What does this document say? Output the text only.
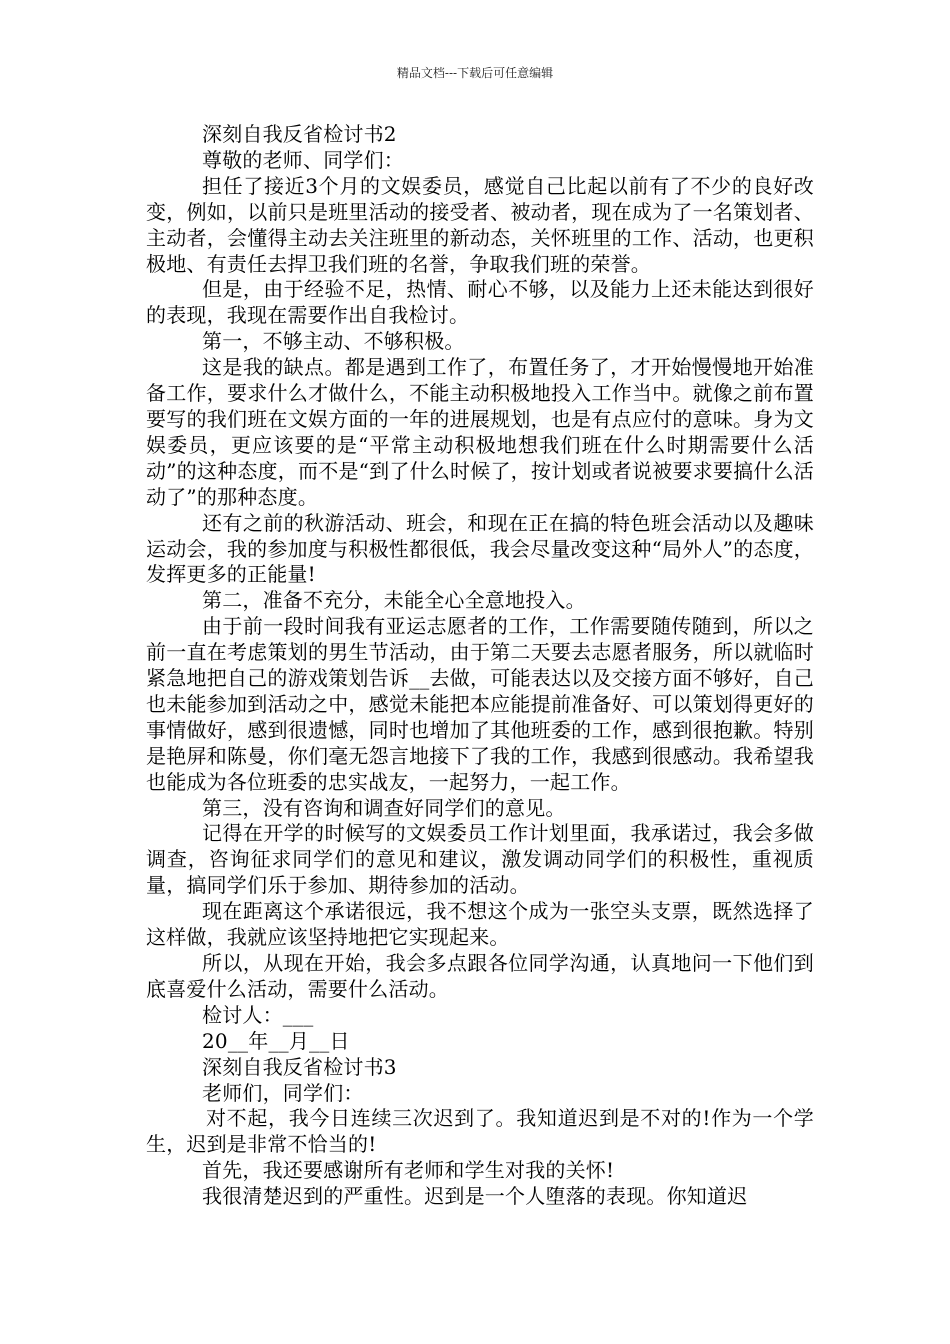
精品文档---下载后可任意编辑

深刻自我反省检讨书2

尊敬的老师、同学们：

担任了接近3个月的文娱委员，感觉自己比起以前有了不少的良好改变，例如，以前只是班里活动的接受者、被动者，现在成为了一名策划者、主动者，会懂得主动去关注班里的新动态，关怀班里的工作、活动，也更积极地、有责任去捍卫我们班的名誉，争取我们班的荣誉。

但是，由于经验不足，热情、耐心不够，以及能力上还未能达到很好的表现，我现在需要作出自我检讨。

第一，不够主动、不够积极。

这是我的缺点。都是遇到工作了，布置任务了，才开始慢慢地开始准备工作，要求什么才做什么，不能主动积极地投入工作当中。就像之前布置要写的我们班在文娱方面的一年的进展规划，也是有点应付的意味。身为文娱委员，更应该要的是“平常主动积极地想我们班在什么时期需要什么活动”的这种态度，而不是“到了什么时候了，按计划或者说被要求要搞什么活动了”的那种态度。

还有之前的秋游活动、班会，和现在正在搞的特色班会活动以及趣味运动会，我的参加度与积极性都很低，我会尽量改变这种“局外人”的态度，发挥更多的正能量!

第二，准备不充分，未能全心全意地投入。

由于前一段时间我有亚运志愿者的工作，工作需要随传随到，所以之前一直在考虑策划的男生节活动，由于第二天要去志愿者服务，所以就临时紧急地把自己的游戏策划告诉__去做，可能表达以及交接方面不够好，自己也未能参加到活动之中，感觉未能把本应能提前准备好、可以策划得更好的事情做好，感到很遗憾，同时也增加了其他班委的工作，感到很抱歉。特别是艳屏和陈曼，你们毫无怨言地接下了我的工作，我感到很感动。我希望我也能成为各位班委的忠实战友，一起努力，一起工作。

第三，没有咨询和调查好同学们的意见。

记得在开学的时候写的文娱委员工作计划里面，我承诺过，我会多做调查，咨询征求同学们的意见和建议，激发调动同学们的积极性，重视质量，搞同学们乐于参加、期待参加的活动。

现在距离这个承诺很远，我不想这个成为一张空头支票，既然选择了这样做，我就应该坚持地把它实现起来。

所以，从现在开始，我会多点跟各位同学沟通，认真地问一下他们到底喜爱什么活动，需要什么活动。

检讨人：___

20__年__月__日

深刻自我反省检讨书3

老师们，同学们：

对不起，我今日连续三次迟到了。我知道迟到是不对的!作为一个学生，迟到是非常不恰当的!

首先，我还要感谢所有老师和学生对我的关怀!

我很清楚迟到的严重性。迟到是一个人堕落的表现。你知道迟
